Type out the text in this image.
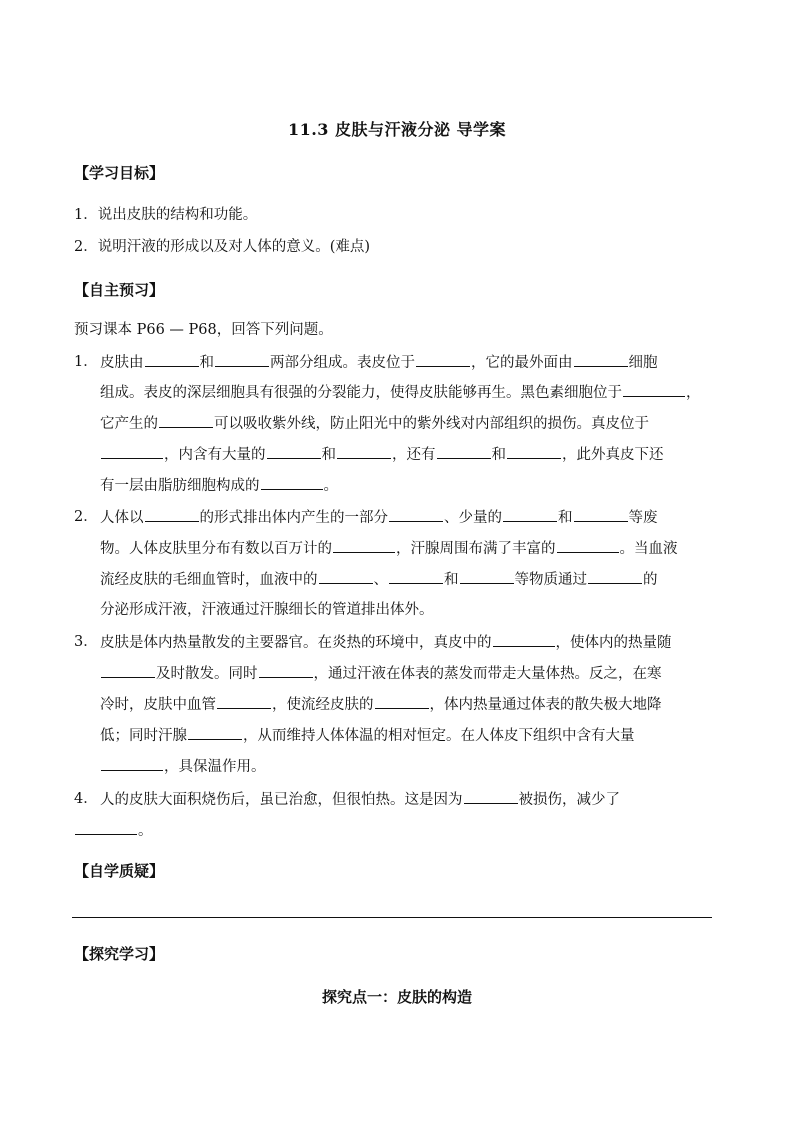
11.3 皮肤与汗液分泌 导学案
【学习目标】
1．说出皮肤的结构和功能。
2．说明汗液的形成以及对人体的意义。(难点)
【自主预习】
预习课本 P66 — P68，回答下列问题。
1． 皮肤由	和	两部分组成。表皮位于	，它的最外面由	细胞
组成。表皮的深层细胞具有很强的分裂能力，使得皮肤能够再生。黑色素细胞位于	，
它产生的	可以吸收紫外线，防止阳光中的紫外线对内部组织的损伤。真皮位于
，内含有大量的	和	，还有	和	，此外真皮下还
有一层由脂肪细胞构成的	。
2． 人体以	的形式排出体内产生的一部分	、少量的	和	等废
物。人体皮肤里分布有数以百万计的	，汗腺周围布满了丰富的	。当血液
流经皮肤的毛细血管时，血液中的	、	和	等物质通过	的
分泌形成汗液，汗液通过汗腺细长的管道排出体外。
3． 皮肤是体内热量散发的主要器官。在炎热的环境中，真皮中的	，使体内的热量随
及时散发。同时	，通过汗液在体表的蒸发而带走大量体热。反之，在寒
冷时，皮肤中血管	，使流经皮肤的	，体内热量通过体表的散失极大地降
低；同时汗腺	，从而维持人体体温的相对恒定。在人体皮下组织中含有大量
，具保温作用。
4． 人的皮肤大面积烧伤后，虽已治愈，但很怕热。这是因为	被损伤，减少了
。
【自学质疑】
【探究学习】
探究点一：皮肤的构造
